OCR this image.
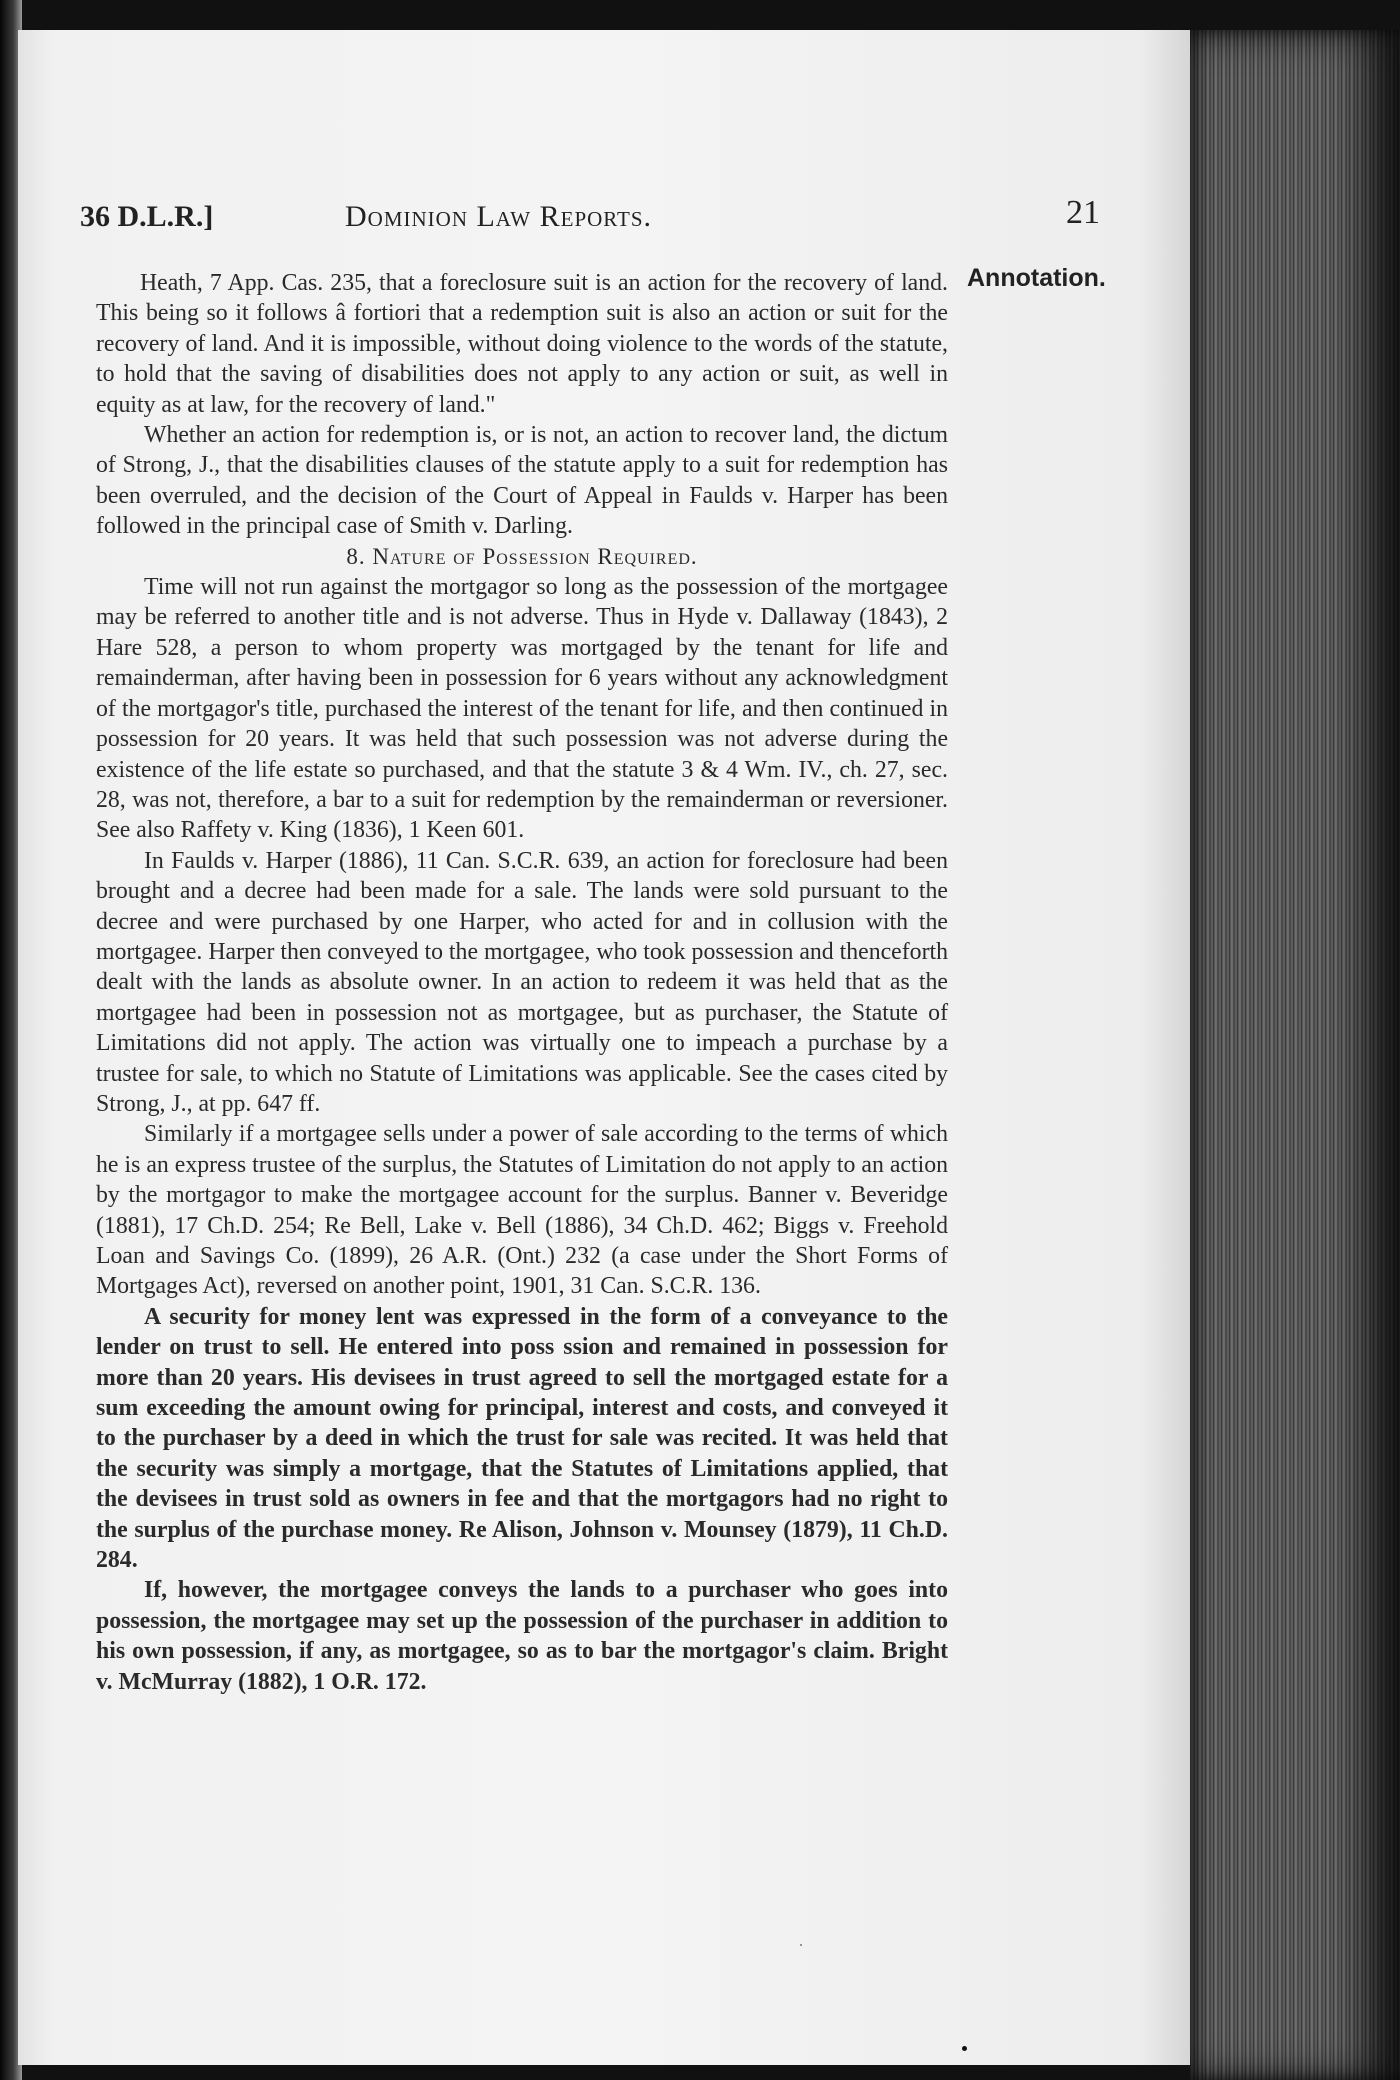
36 D.L.R.]	Dominion Law Reports.	21
Annotation.

Heath, 7 App. Cas. 235, that a foreclosure suit is an action for the recovery of land. This being so it follows â fortiori that a redemption suit is also an action or suit for the recovery of land. And it is impossible, without doing violence to the words of the statute, to hold that the saving of disabilities does not apply to any action or suit, as well in equity as at law, for the recovery of land."

Whether an action for redemption is, or is not, an action to recover land, the dictum of Strong, J., that the disabilities clauses of the statute apply to a suit for redemption has been overruled, and the decision of the Court of Appeal in Faulds v. Harper has been followed in the principal case of Smith v. Darling.

8. Nature of Possession Required.

Time will not run against the mortgagor so long as the possession of the mortgagee may be referred to another title and is not adverse. Thus in Hyde v. Dallaway (1843), 2 Hare 528, a person to whom property was mortgaged by the tenant for life and remainderman, after having been in possession for 6 years without any acknowledgment of the mortgagor's title, purchased the interest of the tenant for life, and then continued in possession for 20 years. It was held that such possession was not adverse during the existence of the life estate so purchased, and that the statute 3 & 4 Wm. IV., ch. 27, sec. 28, was not, therefore, a bar to a suit for redemption by the remainderman or reversioner. See also Raffety v. King (1836), 1 Keen 601.

In Faulds v. Harper (1886), 11 Can. S.C.R. 639, an action for foreclosure had been brought and a decree had been made for a sale. The lands were sold pursuant to the decree and were purchased by one Harper, who acted for and in collusion with the mortgagee. Harper then conveyed to the mortgagee, who took possession and thenceforth dealt with the lands as absolute owner. In an action to redeem it was held that as the mortgagee had been in possession not as mortgagee, but as purchaser, the Statute of Limitations did not apply. The action was virtually one to impeach a purchase by a trustee for sale, to which no Statute of Limitations was applicable. See the cases cited by Strong, J., at pp. 647 ff.

Similarly if a mortgagee sells under a power of sale according to the terms of which he is an express trustee of the surplus, the Statutes of Limitation do not apply to an action by the mortgagor to make the mortgagee account for the surplus. Banner v. Beveridge (1881), 17 Ch.D. 254; Re Bell, Lake v. Bell (1886), 34 Ch.D. 462; Biggs v. Freehold Loan and Savings Co. (1899), 26 A.R. (Ont.) 232 (a case under the Short Forms of Mortgages Act), reversed on another point, 1901, 31 Can. S.C.R. 136.

A security for money lent was expressed in the form of a conveyance to the lender on trust to sell. He entered into poss ssion and remained in possession for more than 20 years. His devisees in trust agreed to sell the mortgaged estate for a sum exceeding the amount owing for principal, interest and costs, and conveyed it to the purchaser by a deed in which the trust for sale was recited. It was held that the security was simply a mortgage, that the Statutes of Limitations applied, that the devisees in trust sold as owners in fee and that the mortgagors had no right to the surplus of the purchase money. Re Alison, Johnson v. Mounsey (1879), 11 Ch.D. 284.

If, however, the mortgagee conveys the lands to a purchaser who goes into possession, the mortgagee may set up the possession of the purchaser in addition to his own possession, if any, as mortgagee, so as to bar the mortgagor's claim. Bright v. McMurray (1882), 1 O.R. 172.
